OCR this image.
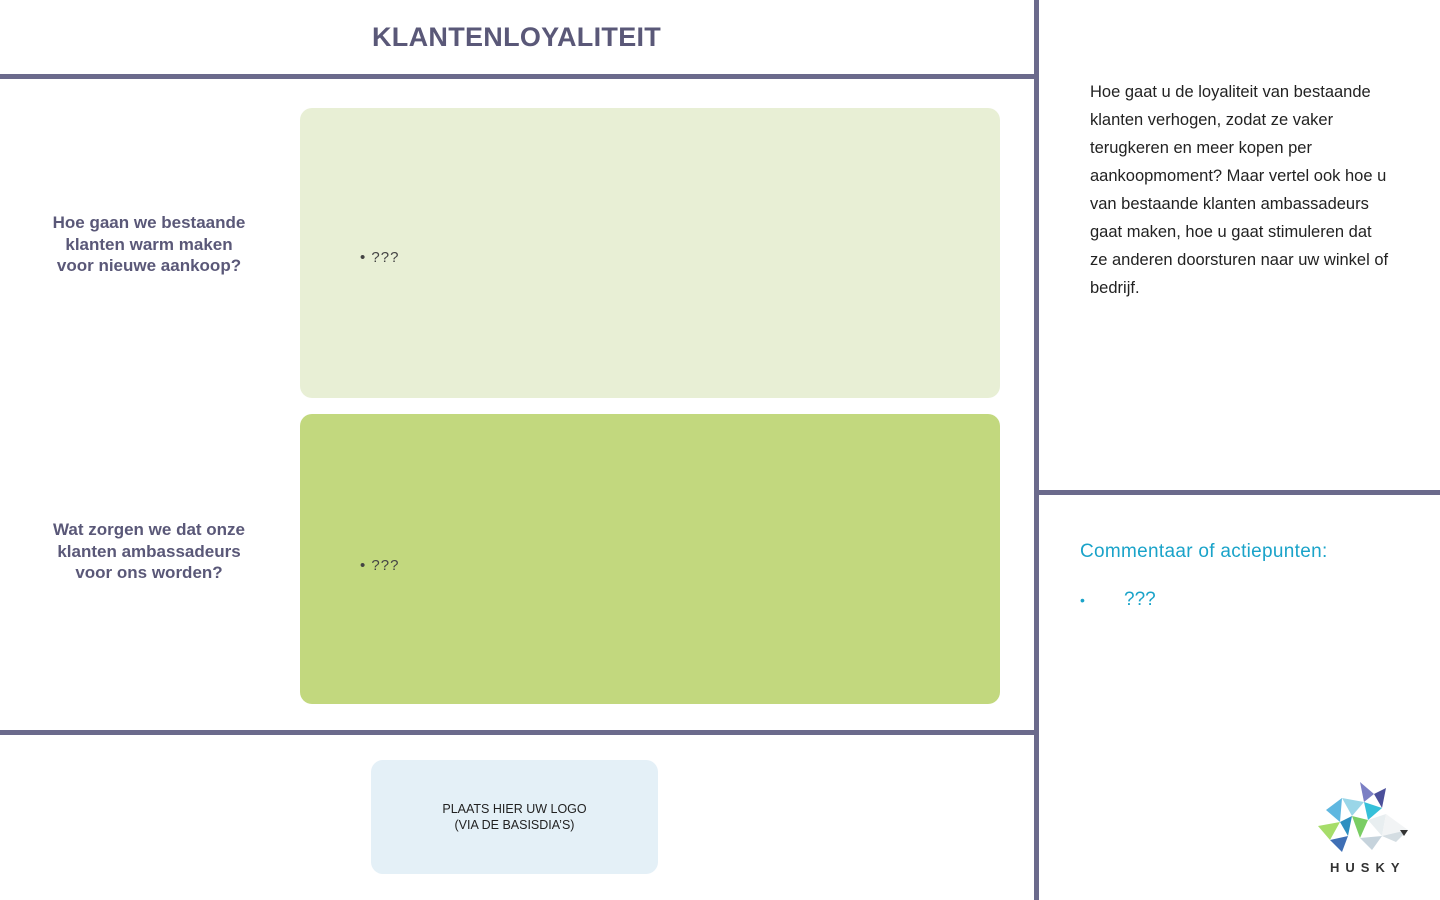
KLANTENLOYALITEIT
Hoe gaan we bestaande klanten warm maken voor nieuwe aankoop?
Wat zorgen we dat onze klanten ambassadeurs voor ons worden?
• ???
• ???
Hoe gaat u de loyaliteit van bestaande klanten verhogen, zodat ze vaker terugkeren en meer kopen per aankoopmoment? Maar vertel ook hoe u van bestaande klanten ambassadeurs gaat maken, hoe u gaat stimuleren dat ze anderen doorsturen naar uw winkel of bedrijf.
Commentaar of actiepunten:
• ???
PLAATS HIER UW LOGO
(VIA DE BASISDIA’S)
HUSKY
